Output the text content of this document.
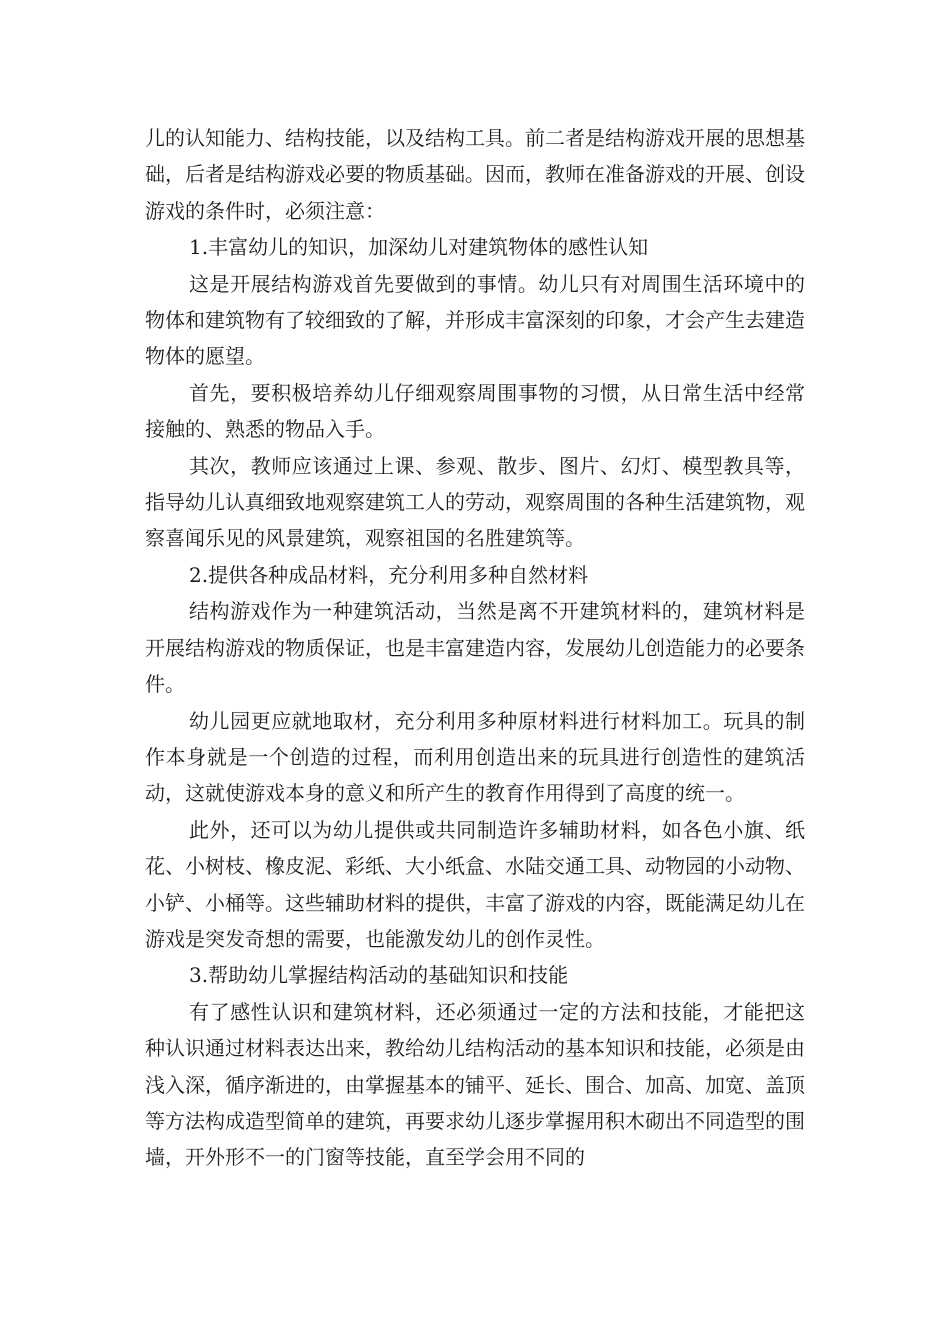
儿的认知能力、结构技能，以及结构工具。前二者是结构游戏开展的思想基础，后者是结构游戏必要的物质基础。因而，教师在准备游戏的开展、创设游戏的条件时，必须注意：

1.丰富幼儿的知识，加深幼儿对建筑物体的感性认知

这是开展结构游戏首先要做到的事情。幼儿只有对周围生活环境中的物体和建筑物有了较细致的了解，并形成丰富深刻的印象，才会产生去建造物体的愿望。

首先，要积极培养幼儿仔细观察周围事物的习惯，从日常生活中经常接触的、熟悉的物品入手。

其次，教师应该通过上课、参观、散步、图片、幻灯、模型教具等，指导幼儿认真细致地观察建筑工人的劳动，观察周围的各种生活建筑物，观察喜闻乐见的风景建筑，观察祖国的名胜建筑等。

2.提供各种成品材料，充分利用多种自然材料

结构游戏作为一种建筑活动，当然是离不开建筑材料的，建筑材料是开展结构游戏的物质保证，也是丰富建造内容，发展幼儿创造能力的必要条件。

幼儿园更应就地取材，充分利用多种原材料进行材料加工。玩具的制作本身就是一个创造的过程，而利用创造出来的玩具进行创造性的建筑活动，这就使游戏本身的意义和所产生的教育作用得到了高度的统一。

此外，还可以为幼儿提供或共同制造许多辅助材料，如各色小旗、纸花、小树枝、橡皮泥、彩纸、大小纸盒、水陆交通工具、动物园的小动物、小铲、小桶等。这些辅助材料的提供，丰富了游戏的内容，既能满足幼儿在游戏是突发奇想的需要，也能激发幼儿的创作灵性。

3.帮助幼儿掌握结构活动的基础知识和技能

有了感性认识和建筑材料，还必须通过一定的方法和技能，才能把这种认识通过材料表达出来，教给幼儿结构活动的基本知识和技能，必须是由浅入深，循序渐进的，由掌握基本的铺平、延长、围合、加高、加宽、盖顶等方法构成造型简单的建筑，再要求幼儿逐步掌握用积木砌出不同造型的围墙，开外形不一的门窗等技能，直至学会用不同的
